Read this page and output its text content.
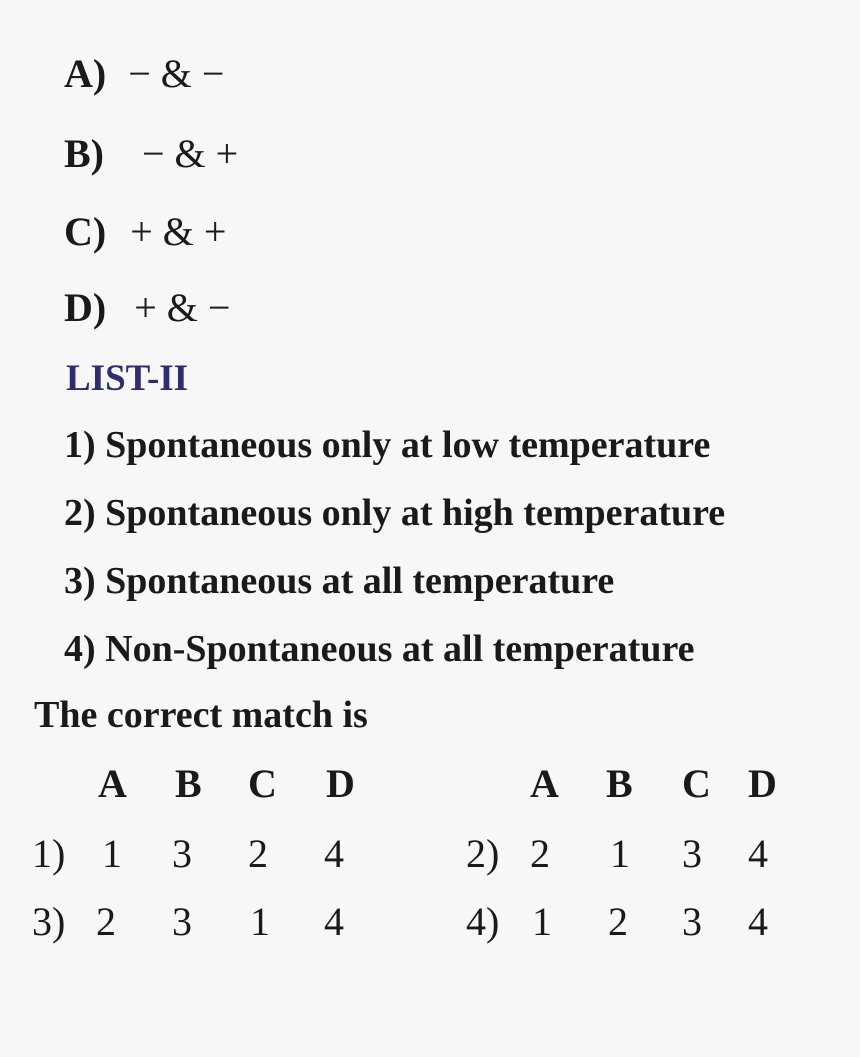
A) − & −
B) − & +
C) + & +
D) + & −
LIST-II
1) Spontaneous only at low temperature
2) Spontaneous only at high temperature
3) Spontaneous at all temperature
4) Non-Spontaneous at all temperature
The correct match is
A B C D	A B C D
1) 1 3 2 4	2) 2 1 3 4
3) 2 3 1 4	4) 1 2 3 4
